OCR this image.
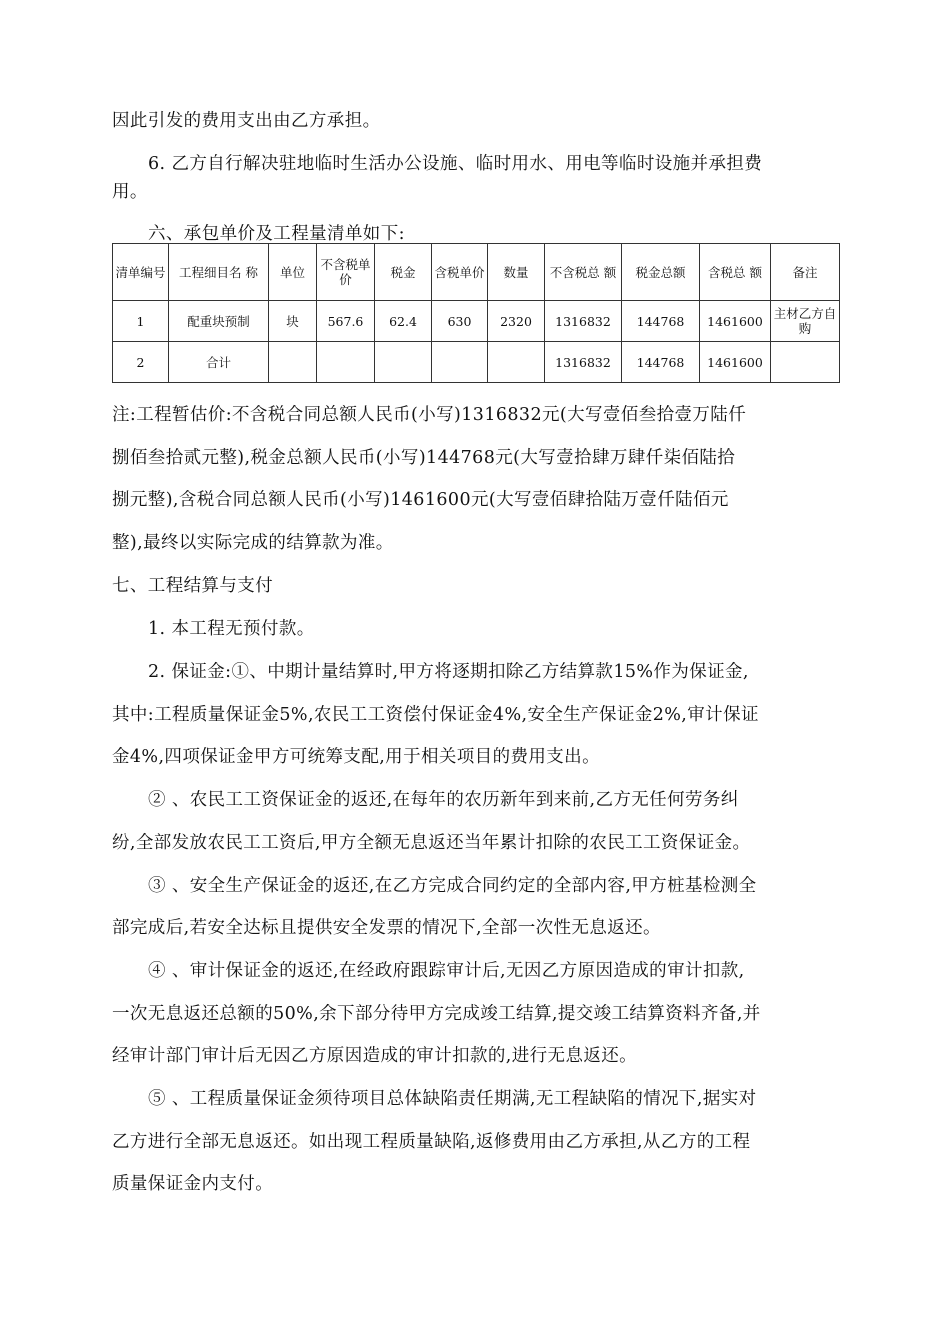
因此引发的费用支出由乙方承担。
6. 乙方自行解决驻地临时生活办公设施、临时用水、用电等临时设施并承担费
用。
六、承包单价及工程量清单如下:
清单编号	工程细目名 称	单位	不含税单 价	税金	含税单价	数量	不含税总 额	税金总额	含税总 额	备注
1	配重块预制	块	567.6	62.4	630	2320	1316832	144768	1461600	主材乙方自购
2	合计						1316832	144768	1461600	
注:工程暂估价:不含税合同总额人民币(小写)1316832元(大写壹佰叁拾壹万陆仟
捌佰叁拾贰元整),税金总额人民币(小写)144768元(大写壹拾肆万肆仟柒佰陆拾
捌元整),含税合同总额人民币(小写)1461600元(大写壹佰肆拾陆万壹仟陆佰元
整),最终以实际完成的结算款为准。
七、工程结算与支付
1. 本工程无预付款。
2. 保证金:①、中期计量结算时,甲方将逐期扣除乙方结算款15%作为保证金,
其中:工程质量保证金5%,农民工工资偿付保证金4%,安全生产保证金2%,审计保证
金4%,四项保证金甲方可统筹支配,用于相关项目的费用支出。
② 、农民工工资保证金的返还,在每年的农历新年到来前,乙方无任何劳务纠
纷,全部发放农民工工资后,甲方全额无息返还当年累计扣除的农民工工资保证金。
③ 、安全生产保证金的返还,在乙方完成合同约定的全部内容,甲方桩基检测全
部完成后,若安全达标且提供安全发票的情况下,全部一次性无息返还。
④ 、审计保证金的返还,在经政府跟踪审计后,无因乙方原因造成的审计扣款,
一次无息返还总额的50%,余下部分待甲方完成竣工结算,提交竣工结算资料齐备,并
经审计部门审计后无因乙方原因造成的审计扣款的,进行无息返还。
⑤ 、工程质量保证金须待项目总体缺陷责任期满,无工程缺陷的情况下,据实对
乙方进行全部无息返还。如出现工程质量缺陷,返修费用由乙方承担,从乙方的工程
质量保证金内支付。
